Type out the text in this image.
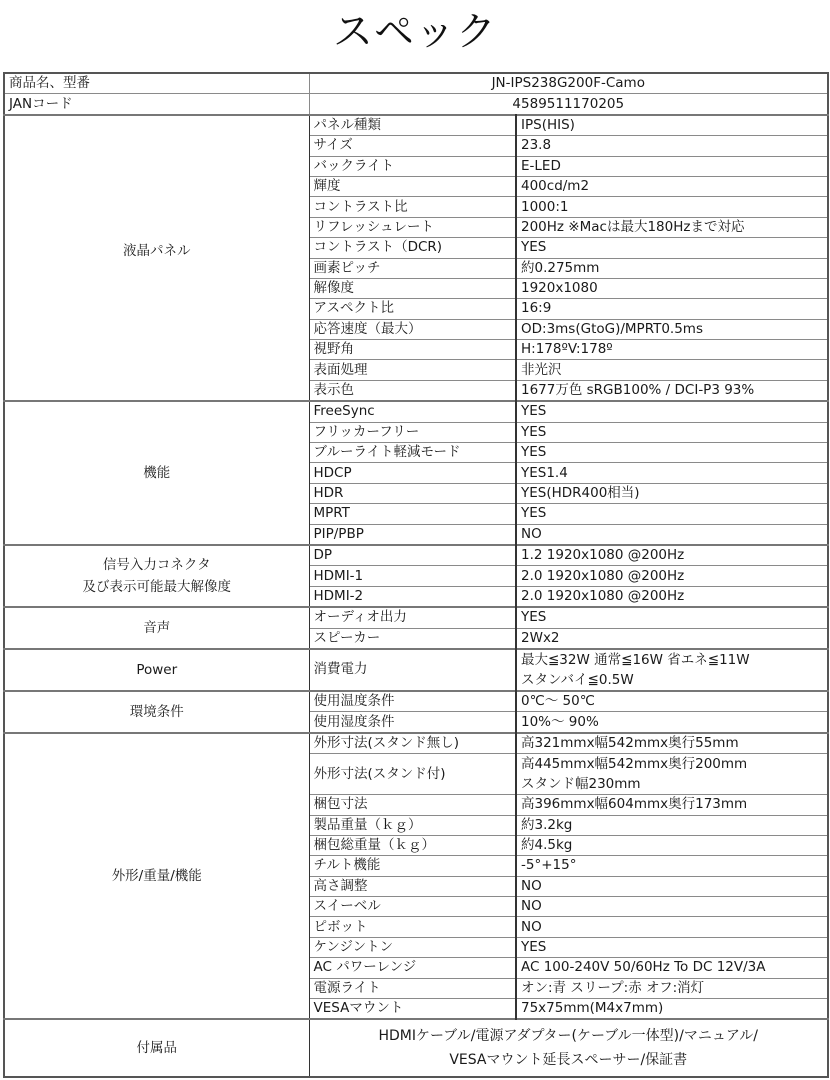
スペック
商品名、型番	JN-IPS238G200F-Camo	
JANコード	4589511170205	
液晶パネル	パネル種類	IPS(HIS)
	サイズ	23.8
	バックライト	E-LED
	輝度	400cd/m2
	コントラスト比	1000:1
	リフレッシュレート	200Hz ※Macは最大180Hzまで対応
	コントラスト（DCR)	YES
	画素ピッチ	約0.275mm
	解像度	1920x1080
	アスペクト比	16:9
	応答速度（最大）	OD:3ms(GtoG)/MPRT0.5ms
	視野角	H:178ºV:178º
	表面処理	非光沢
	表示色	1677万色 sRGB100% / DCI-P3 93%
機能	FreeSync	YES
	フリッカーフリー	YES
	ブルーライト軽減モード	YES
	HDCP	YES1.4
	HDR	YES(HDR400相当)
	MPRT	YES
	PIP/PBP	NO

信号入力コネクタ
及び表示可能最大解像度	DP	1.2 1920x1080 @200Hz
	HDMI-1	2.0 1920x1080 @200Hz
	HDMI-2	2.0 1920x1080 @200Hz
音声	オーディオ出力	YES
	スピーカー	2Wx2
Power	消費電力	最大≦32W 通常≦16W 省エネ≦11W
スタンバイ≦0.5W

環境条件	使用温度条件	0℃～ 50℃
	使用湿度条件	10%～ 90%
外形/重量/機能	外形寸法(スタンド無し)	高321mmx幅542mmx奥行55mm
	外形寸法(スタンド付)	高445mmx幅542mmx奥行200mm
スタンド幅230mm

	梱包寸法	高396mmx幅604mmx奥行173mm
	製品重量（ｋｇ）	約3.2kg
	梱包総重量（ｋｇ）	約4.5kg
	チルト機能	-5°+15°
	高さ調整	NO
	スイーベル	NO
	ピボット	NO
	ケンジントン	YES
	AC パワーレンジ	AC 100-240V 50/60Hz To DC 12V/3A
	電源ライト	オン:青 スリープ:赤 オフ:消灯
	VESAマウント	75x75mm(M4x7mm)
付属品	HDMIケーブル/電源アダプター(ケーブル一体型)/マニュアル/
VESAマウント延長スペーサー/保証書	
